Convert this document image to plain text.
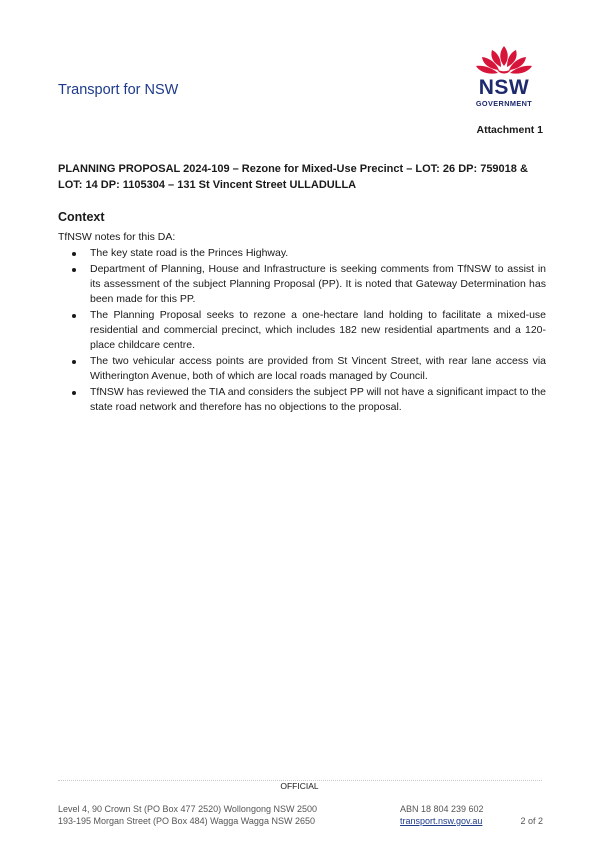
Transport for NSW	NSW
GOVERNMENT
Attachment 1
PLANNING PROPOSAL 2024-109 – Rezone for Mixed-Use Precinct – LOT: 26 DP: 759018 & LOT: 14 DP: 1105304 – 131 St Vincent Street ULLADULLA
Context
TfNSW notes for this DA:
The key state road is the Princes Highway.
Department of Planning, House and Infrastructure is seeking comments from TfNSW to assist in its assessment of the subject Planning Proposal (PP). It is noted that Gateway Determination has been made for this PP.
The Planning Proposal seeks to rezone a one-hectare land holding to facilitate a mixed-use residential and commercial precinct, which includes 182 new residential apartments and a 120-place childcare centre.
The two vehicular access points are provided from St Vincent Street, with rear lane access via Witherington Avenue, both of which are local roads managed by Council.
TfNSW has reviewed the TIA and considers the subject PP will not have a significant impact to the state road network and therefore has no objections to the proposal.
OFFICIAL
Level 4, 90 Crown St (PO Box 477 2520) Wollongong NSW 2500
193-195 Morgan Street (PO Box 484) Wagga Wagga NSW 2650
ABN 18 804 239 602
transport.nsw.gov.au	2 of 2
